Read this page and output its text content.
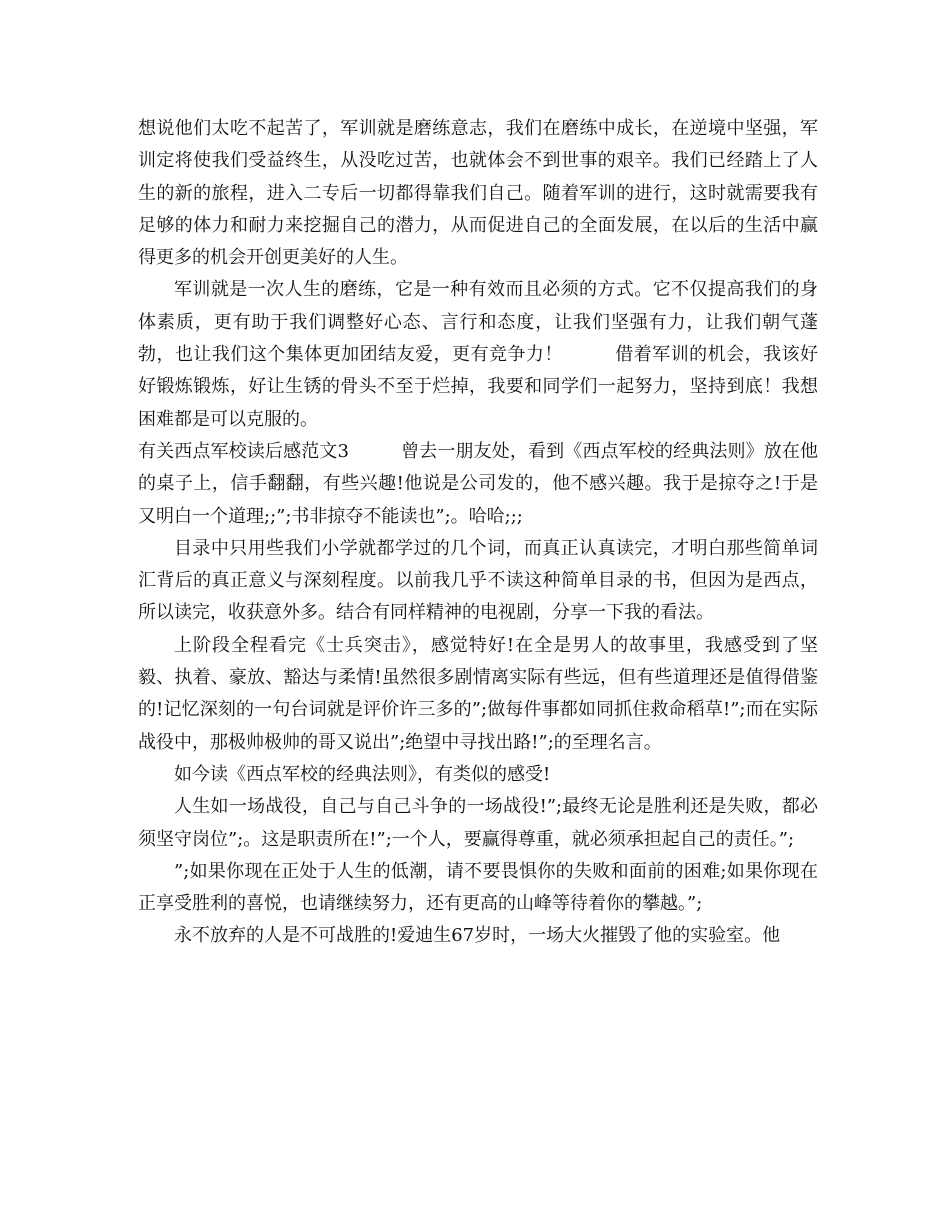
想说他们太吃不起苦了，军训就是磨练意志，我们在磨练中成长，在逆境中坚强，军训定将使我们受益终生，从没吃过苦，也就体会不到世事的艰辛。我们已经踏上了人生的新的旅程，进入二专后一切都得靠我们自己。随着军训的进行，这时就需要我有足够的体力和耐力来挖掘自己的潜力，从而促进自己的全面发展，在以后的生活中赢得更多的机会开创更美好的人生。

军训就是一次人生的磨练，它是一种有效而且必须的方式。它不仅提高我们的身体素质，更有助于我们调整好心态、言行和态度，让我们坚强有力，让我们朝气蓬勃，也让我们这个集体更加团结友爱，更有竞争力！	借着军训的机会，我该好好锻炼锻炼，好让生锈的骨头不至于烂掉，我要和同学们一起努力，坚持到底！我想困难都是可以克服的。

有关西点军校读后感范文3	曾去一朋友处，看到《西点军校的经典法则》放在他的桌子上，信手翻翻，有些兴趣!他说是公司发的，他不感兴趣。我于是掠夺之!于是又明白一个道理;;”;书非掠夺不能读也”;。哈哈;;;

目录中只用些我们小学就都学过的几个词，而真正认真读完，才明白那些简单词汇背后的真正意义与深刻程度。以前我几乎不读这种简单目录的书，但因为是西点，所以读完，收获意外多。结合有同样精神的电视剧，分享一下我的看法。

上阶段全程看完《士兵突击》，感觉特好!在全是男人的故事里，我感受到了坚毅、执着、豪放、豁达与柔情!虽然很多剧情离实际有些远，但有些道理还是值得借鉴的!记忆深刻的一句台词就是评价许三多的”;做每件事都如同抓住救命稻草!”;而在实际战役中，那极帅极帅的哥又说出”;绝望中寻找出路!”;的至理名言。

如今读《西点军校的经典法则》，有类似的感受!

人生如一场战役，自己与自己斗争的一场战役!”;最终无论是胜利还是失败，都必须坚守岗位”;。这是职责所在!”;一个人，要赢得尊重，就必须承担起自己的责任。”;

”;如果你现在正处于人生的低潮，请不要畏惧你的失败和面前的困难;如果你现在正享受胜利的喜悦，也请继续努力，还有更高的山峰等待着你的攀越。”;

永不放弃的人是不可战胜的!爱迪生67岁时，一场大火摧毁了他的实验室。他
